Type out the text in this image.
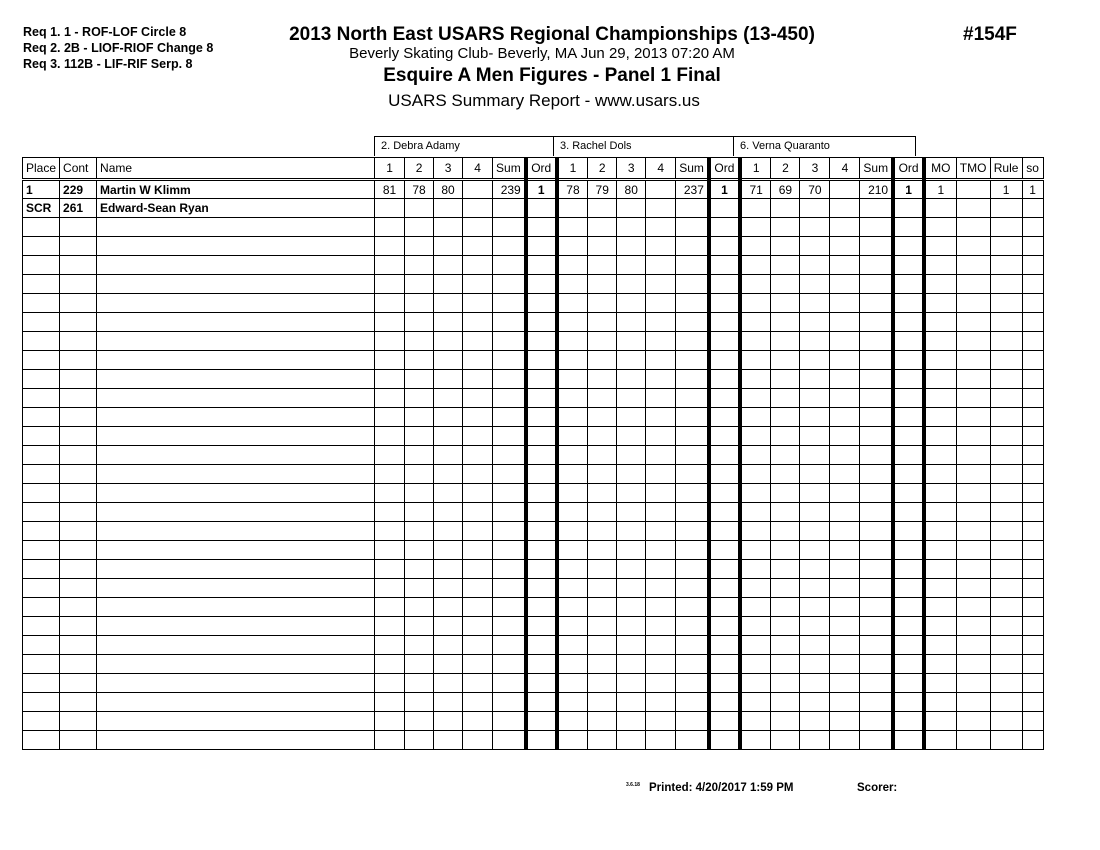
Req 1. 1 - ROF-LOF Circle 8
Req 2. 2B - LIOF-RIOF Change 8
Req 3. 112B - LIF-RIF Serp. 8
2013 North East USARS Regional Championships (13-450)
Beverly Skating Club- Beverly, MA Jun 29, 2013 07:20 AM
Esquire A Men Figures - Panel 1 Final
USARS Summary Report - www.usars.us
#154F
2. Debra Adamy	3. Rachel Dols	6. Verna Quaranto
Place	Cont	Name	1	2	3	4	Sum	Ord	1	2	3	4	Sum	Ord	1	2	3	4	Sum	Ord	MO	TMO	Rule	so
1	229	Martin W Klimm	81	78	80		239	1	78	79	80		237	1	71	69	70		210	1	1		1	1
SCR	261	Edward-Sean Ryan																						

3.6.18 Printed: 4/20/2017 1:59 PM	Scorer:
